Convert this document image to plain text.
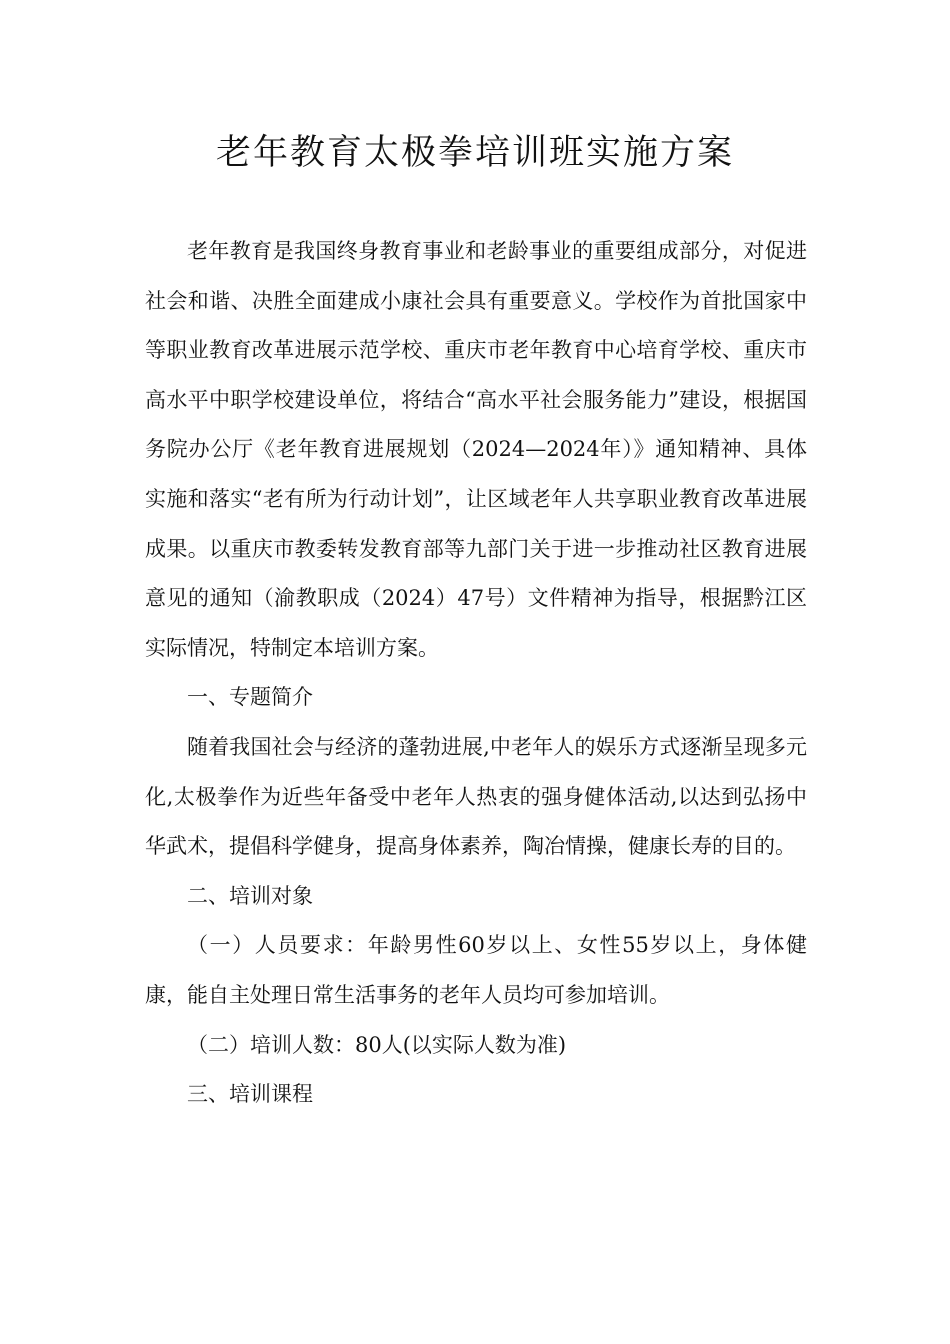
老年教育太极拳培训班实施方案

老年教育是我国终身教育事业和老龄事业的重要组成部分，对促进社会和谐、决胜全面建成小康社会具有重要意义。学校作为首批国家中等职业教育改革进展示范学校、重庆市老年教育中心培育学校、重庆市高水平中职学校建设单位，将结合“高水平社会服务能力”建设，根据国务院办公厅《老年教育进展规划（2024—2024年）》通知精神、具体实施和落实“老有所为行动计划”，让区域老年人共享职业教育改革进展成果。以重庆市教委转发教育部等九部门关于进一步推动社区教育进展意见的通知（渝教职成（2024）47号）文件精神为指导，根据黔江区实际情况，特制定本培训方案。

一、专题简介

随着我国社会与经济的蓬勃进展,中老年人的娱乐方式逐渐呈现多元化,太极拳作为近些年备受中老年人热衷的强身健体活动,以达到弘扬中华武术，提倡科学健身，提高身体素养，陶冶情操，健康长寿的目的。

二、培训对象

（一）人员要求：年龄男性60岁以上、女性55岁以上，身体健康，能自主处理日常生活事务的老年人员均可参加培训。

（二）培训人数：80人(以实际人数为准)

三、培训课程
